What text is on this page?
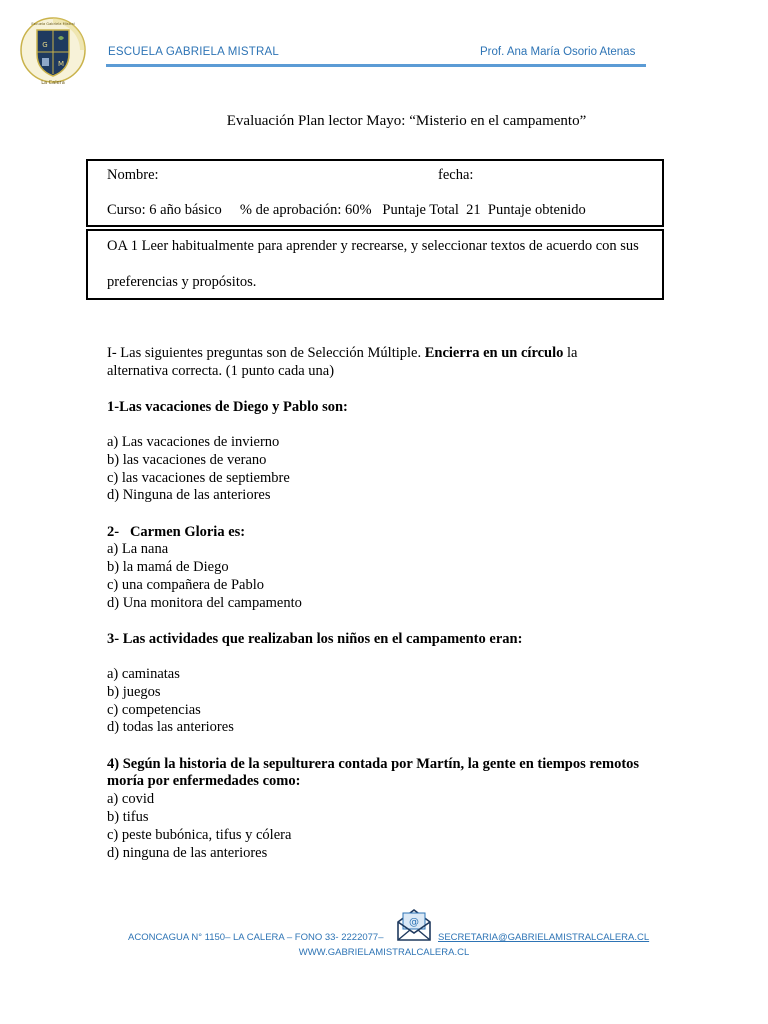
G
M
La Calera
Escuela Gabriela Mistral
ESCUELA GABRIELA MISTRAL	Prof. Ana María Osorio Atenas
Evaluación Plan lector Mayo: “Misterio en el campamento”
Nombre:	fecha:
Curso: 6 año básico     % de aprobación: 60%   Puntaje Total  21  Puntaje obtenido
OA 1 Leer habitualmente para aprender y recrearse, y seleccionar textos de acuerdo con sus
preferencias y propósitos.
I- Las siguientes preguntas son de Selección Múltiple. Encierra en un círculo la
alternativa correcta. (1 punto cada una)
1-Las vacaciones de Diego y Pablo son:
a) Las vacaciones de invierno
b) las vacaciones de verano
c) las vacaciones de septiembre
d) Ninguna de las anteriores
2-   Carmen Gloria es:
a) La nana
b) la mamá de Diego
c) una compañera de Pablo
d) Una monitora del campamento
3- Las actividades que realizaban los niños en el campamento eran:
a) caminatas
b) juegos
c) competencias
d) todas las anteriores
4) Según la historia de la sepulturera contada por Martín, la gente en tiempos remotos
moría por enfermedades como:
a) covid
b) tifus
c) peste bubónica, tifus y cólera
d) ninguna de las anteriores
@
ACONCAGUA N° 1150– LA CALERA – FONO 33- 2222077–	SECRETARIA@GABRIELAMISTRALCALERA.CL
WWW.GABRIELAMISTRALCALERA.CL
